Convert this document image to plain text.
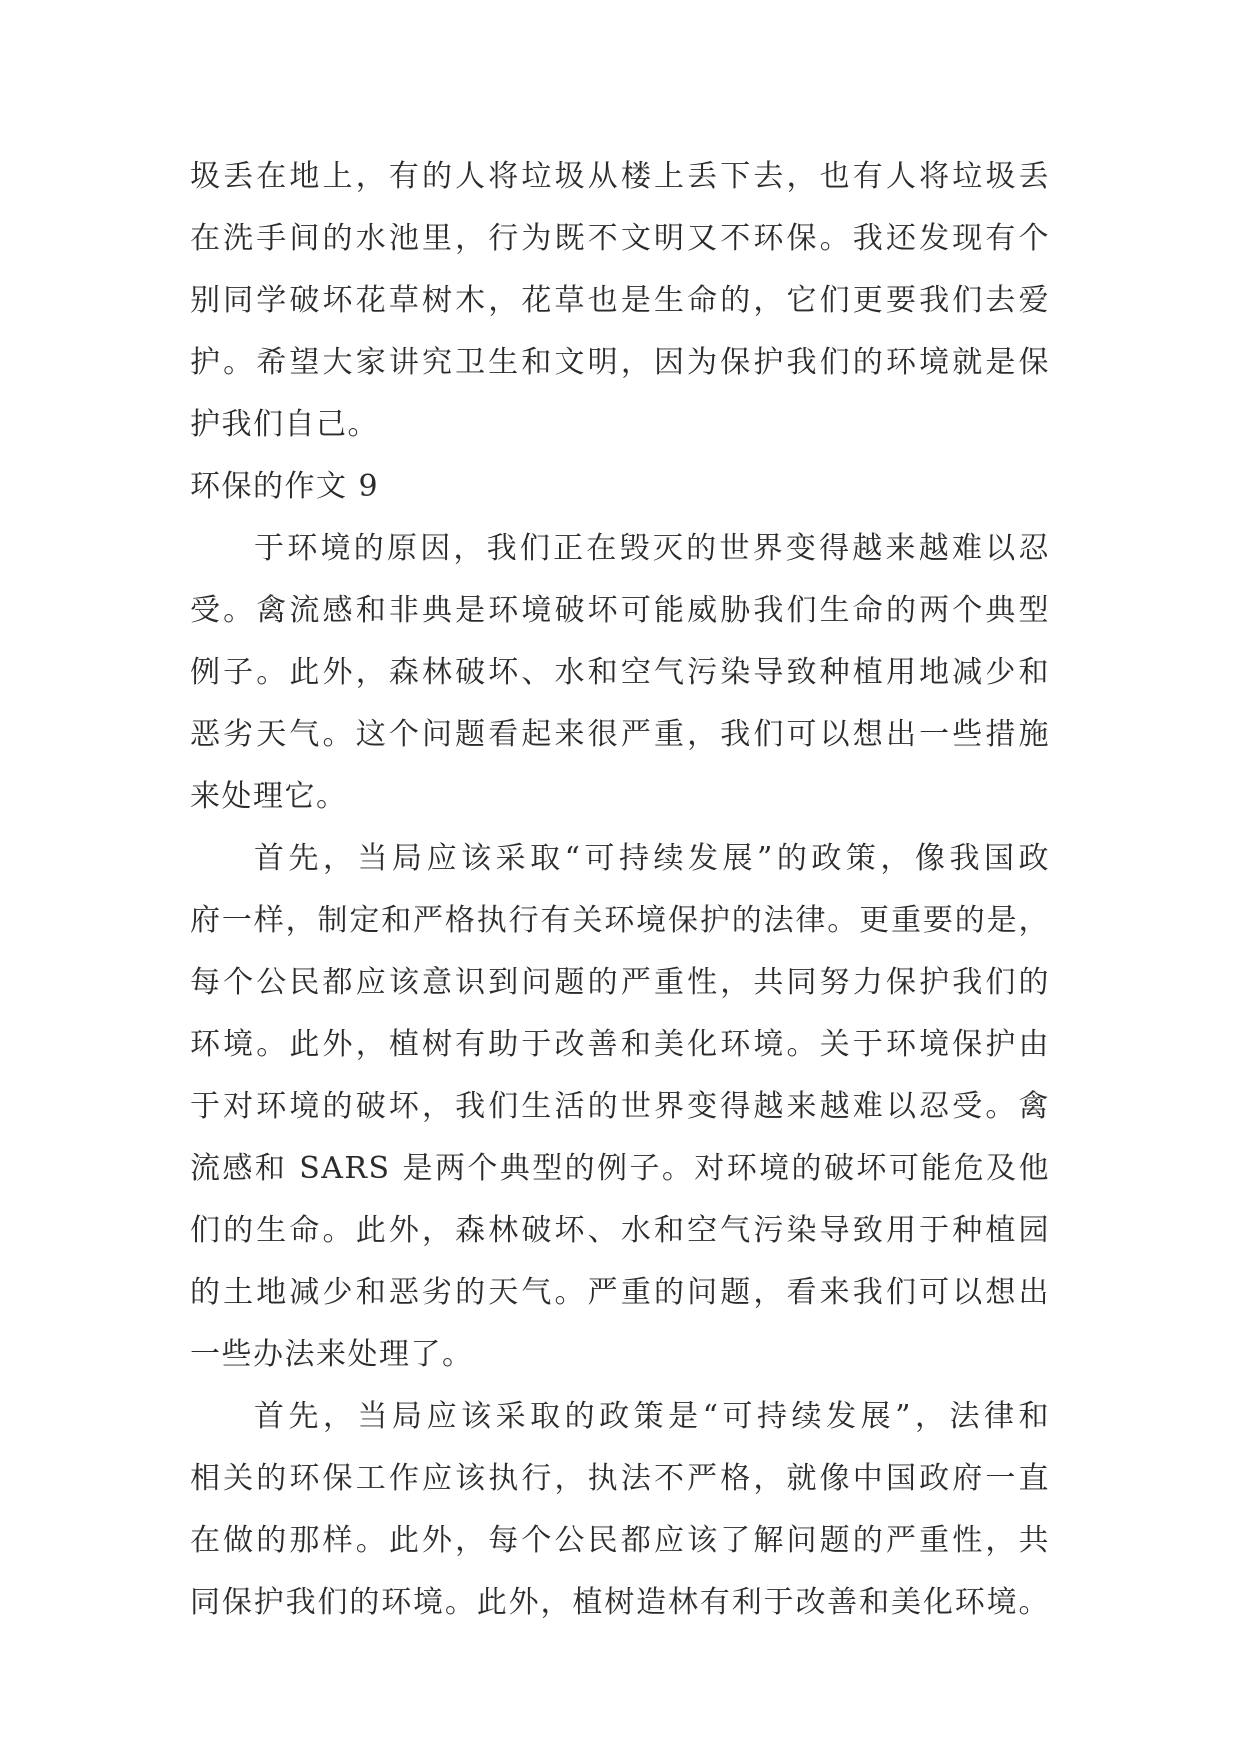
圾丢在地上，有的人将垃圾从楼上丢下去，也有人将垃圾丢
在洗手间的水池里，行为既不文明又不环保。我还发现有个
别同学破坏花草树木，花草也是生命的，它们更要我们去爱
护。希望大家讲究卫生和文明，因为保护我们的环境就是保
护我们自己。
环保的作文 9
于环境的原因，我们正在毁灭的世界变得越来越难以忍
受。禽流感和非典是环境破坏可能威胁我们生命的两个典型
例子。此外，森林破坏、水和空气污染导致种植用地减少和
恶劣天气。这个问题看起来很严重，我们可以想出一些措施
来处理它。
首先，当局应该采取“可持续发展”的政策，像我国政
府一样，制定和严格执行有关环境保护的法律。更重要的是，
每个公民都应该意识到问题的严重性，共同努力保护我们的
环境。此外，植树有助于改善和美化环境。关于环境保护由
于对环境的破坏，我们生活的世界变得越来越难以忍受。禽
流感和 SARS 是两个典型的例子。对环境的破坏可能危及他
们的生命。此外，森林破坏、水和空气污染导致用于种植园
的土地减少和恶劣的天气。严重的问题，看来我们可以想出
一些办法来处理了。
首先，当局应该采取的政策是“可持续发展”，法律和
相关的环保工作应该执行，执法不严格，就像中国政府一直
在做的那样。此外，每个公民都应该了解问题的严重性，共
同保护我们的环境。此外，植树造林有利于改善和美化环境。
